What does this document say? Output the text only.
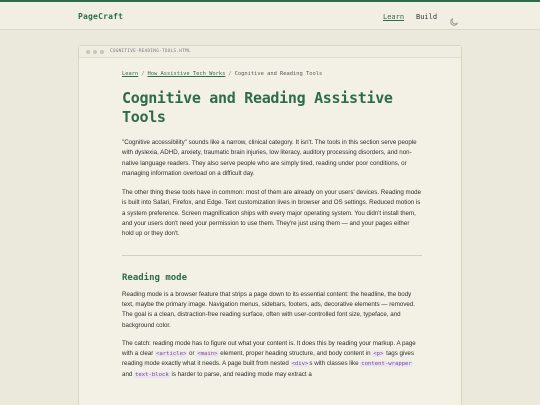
PageCraft	Learn Build
COGNITIVE-READING-TOOLS.HTML
Learn / How Assistive Tech Works / Cognitive and Reading Tools
Cognitive and Reading Assistive Tools

"Cognitive accessibility" sounds like a narrow, clinical category. It isn't. The tools in this section serve people with dyslexia, ADHD, anxiety, traumatic brain injuries, low literacy, auditory processing disorders, and non-native language readers. They also serve people who are simply tired, reading under poor conditions, or managing information overload on a difficult day.

The other thing these tools have in common: most of them are already on your users' devices. Reading mode is built into Safari, Firefox, and Edge. Text customization lives in browser and OS settings. Reduced motion is a system preference. Screen magnification ships with every major operating system. You didn't install them, and your users don't need your permission to use them. They're just using them — and your pages either hold up or they don't.

Reading mode

Reading mode is a browser feature that strips a page down to its essential content: the headline, the body text, maybe the primary image. Navigation menus, sidebars, footers, ads, decorative elements — removed. The goal is a clean, distraction-free reading surface, often with user-controlled font size, typeface, and background color.

The catch: reading mode has to figure out what your content is. It does this by reading your markup. A page with a clear <article> or <main> element, proper heading structure, and body content in <p> tags gives reading mode exactly what it needs. A page built from nested <div>s with classes like content-wrapper and text-block is harder to parse, and reading mode may extract a
